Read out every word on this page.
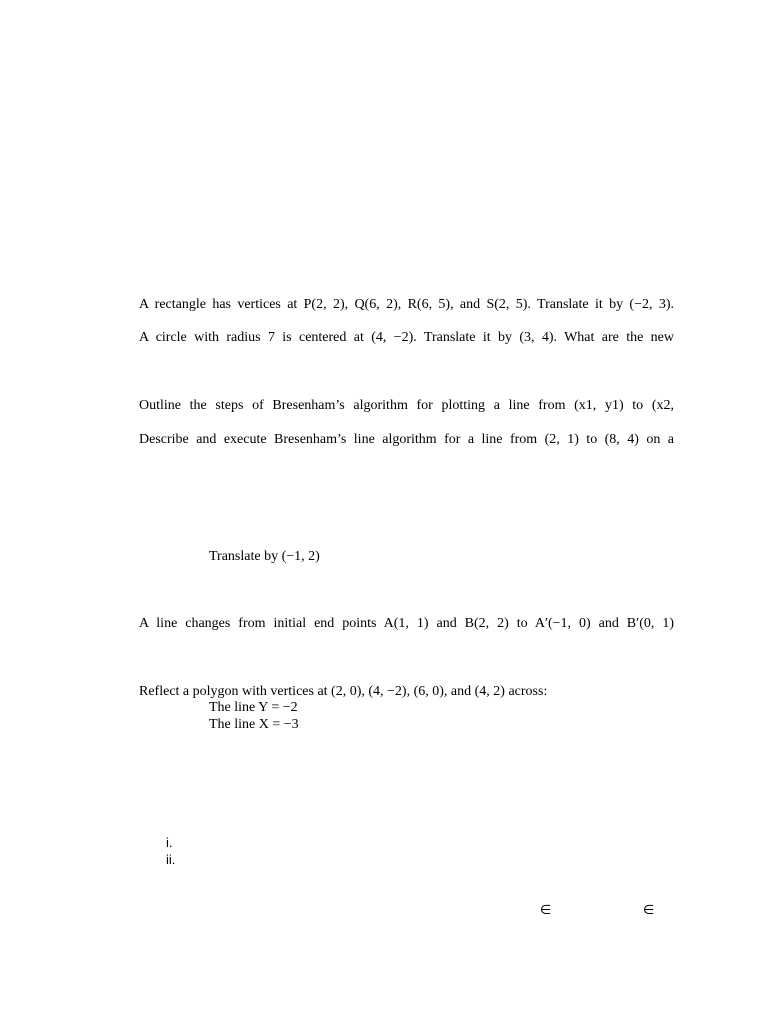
A rectangle has vertices at P(2, 2), Q(6, 2), R(6, 5), and S(2, 5). Translate it by (−2, 3).
A circle with radius 7 is centered at (4, −2). Translate it by (3, 4). What are the new
Outline the steps of Bresenham’s algorithm for plotting a line from (x1, y1) to (x2,
Describe and execute Bresenham’s line algorithm for a line from (2, 1) to (8, 4) on a
Translate by (−1, 2)
A line changes from initial end points A(1, 1) and B(2, 2) to A′(−1, 0) and B′(0, 1)
Reflect a polygon with vertices at (2, 0), (4, −2), (6, 0), and (4, 2) across:
The line Y = −2
The line X = −3
i.
ii.
∈	∈
